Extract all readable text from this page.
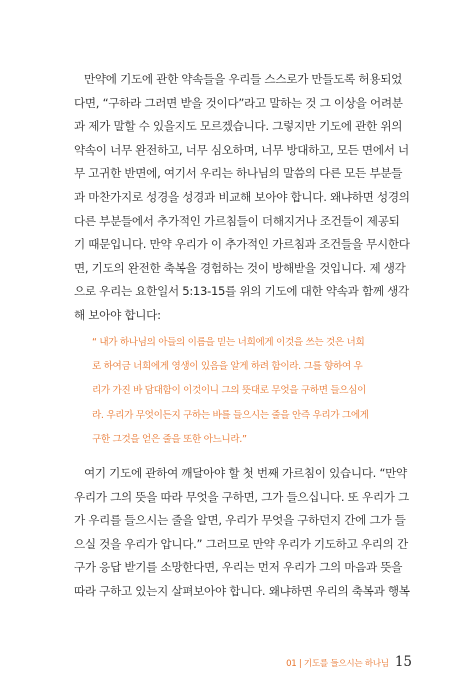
만약에 기도에 관한 약속들을 우리들 스스로가 만들도록 허용되었
다면, “구하라 그러면 받을 것이다”라고 말하는 것 그 이상을 어려분
과 제가 말할 수 있을지도 모르겠습니다. 그렇지만 기도에 관한 위의
약속이 너무 완전하고, 너무 심오하며, 너무 방대하고, 모든 면에서 너
무 고귀한 반면에, 여기서 우리는 하나님의 말씀의 다른 모든 부분들
과 마찬가지로 성경을 성경과 비교해 보아야 합니다. 왜냐하면 성경의
다른 부분들에서 추가적인 가르침들이 더해지거나 조건들이 제공되
기 때문입니다. 만약 우리가 이 추가적인 가르침과 조건들을 무시한다
면, 기도의 완전한 축복을 경험하는 것이 방해받을 것입니다. 제 생각
으로 우리는 요한일서 5:13-15를 위의 기도에 대한 약속과 함께 생각
해 보아야 합니다:
“ 내가 하나님의 아들의 이름을 믿는 너희에게 이것을 쓰는 것은 너희
로 하여금 너희에게 영생이 있음을 알게 하려 함이라. 그를 향하여 우
리가 가진 바 담대함이 이것이니 그의 뜻대로 무엇을 구하면 들으심이
라. 우리가 무엇이든지 구하는 바를 들으시는 줄을 안즉 우리가 그에게
구한 그것을 얻은 줄을 또한 아느니라.”
여기 기도에 관하여 깨달아야 할 첫 번째 가르침이 있습니다. “만약
우리가 그의 뜻을 따라 무엇을 구하면, 그가 들으십니다. 또 우리가 그
가 우리를 들으시는 줄을 알면, 우리가 무엇을 구하던지 간에 그가 들
으실 것을 우리가 압니다.” 그러므로 만약 우리가 기도하고 우리의 간
구가 응답 받기를 소망한다면, 우리는 먼저 우리가 그의 마음과 뜻을
따라 구하고 있는지 살펴보아야 합니다. 왜냐하면 우리의 축복과 행복
01 | 기도를 들으시는 하나님 15
